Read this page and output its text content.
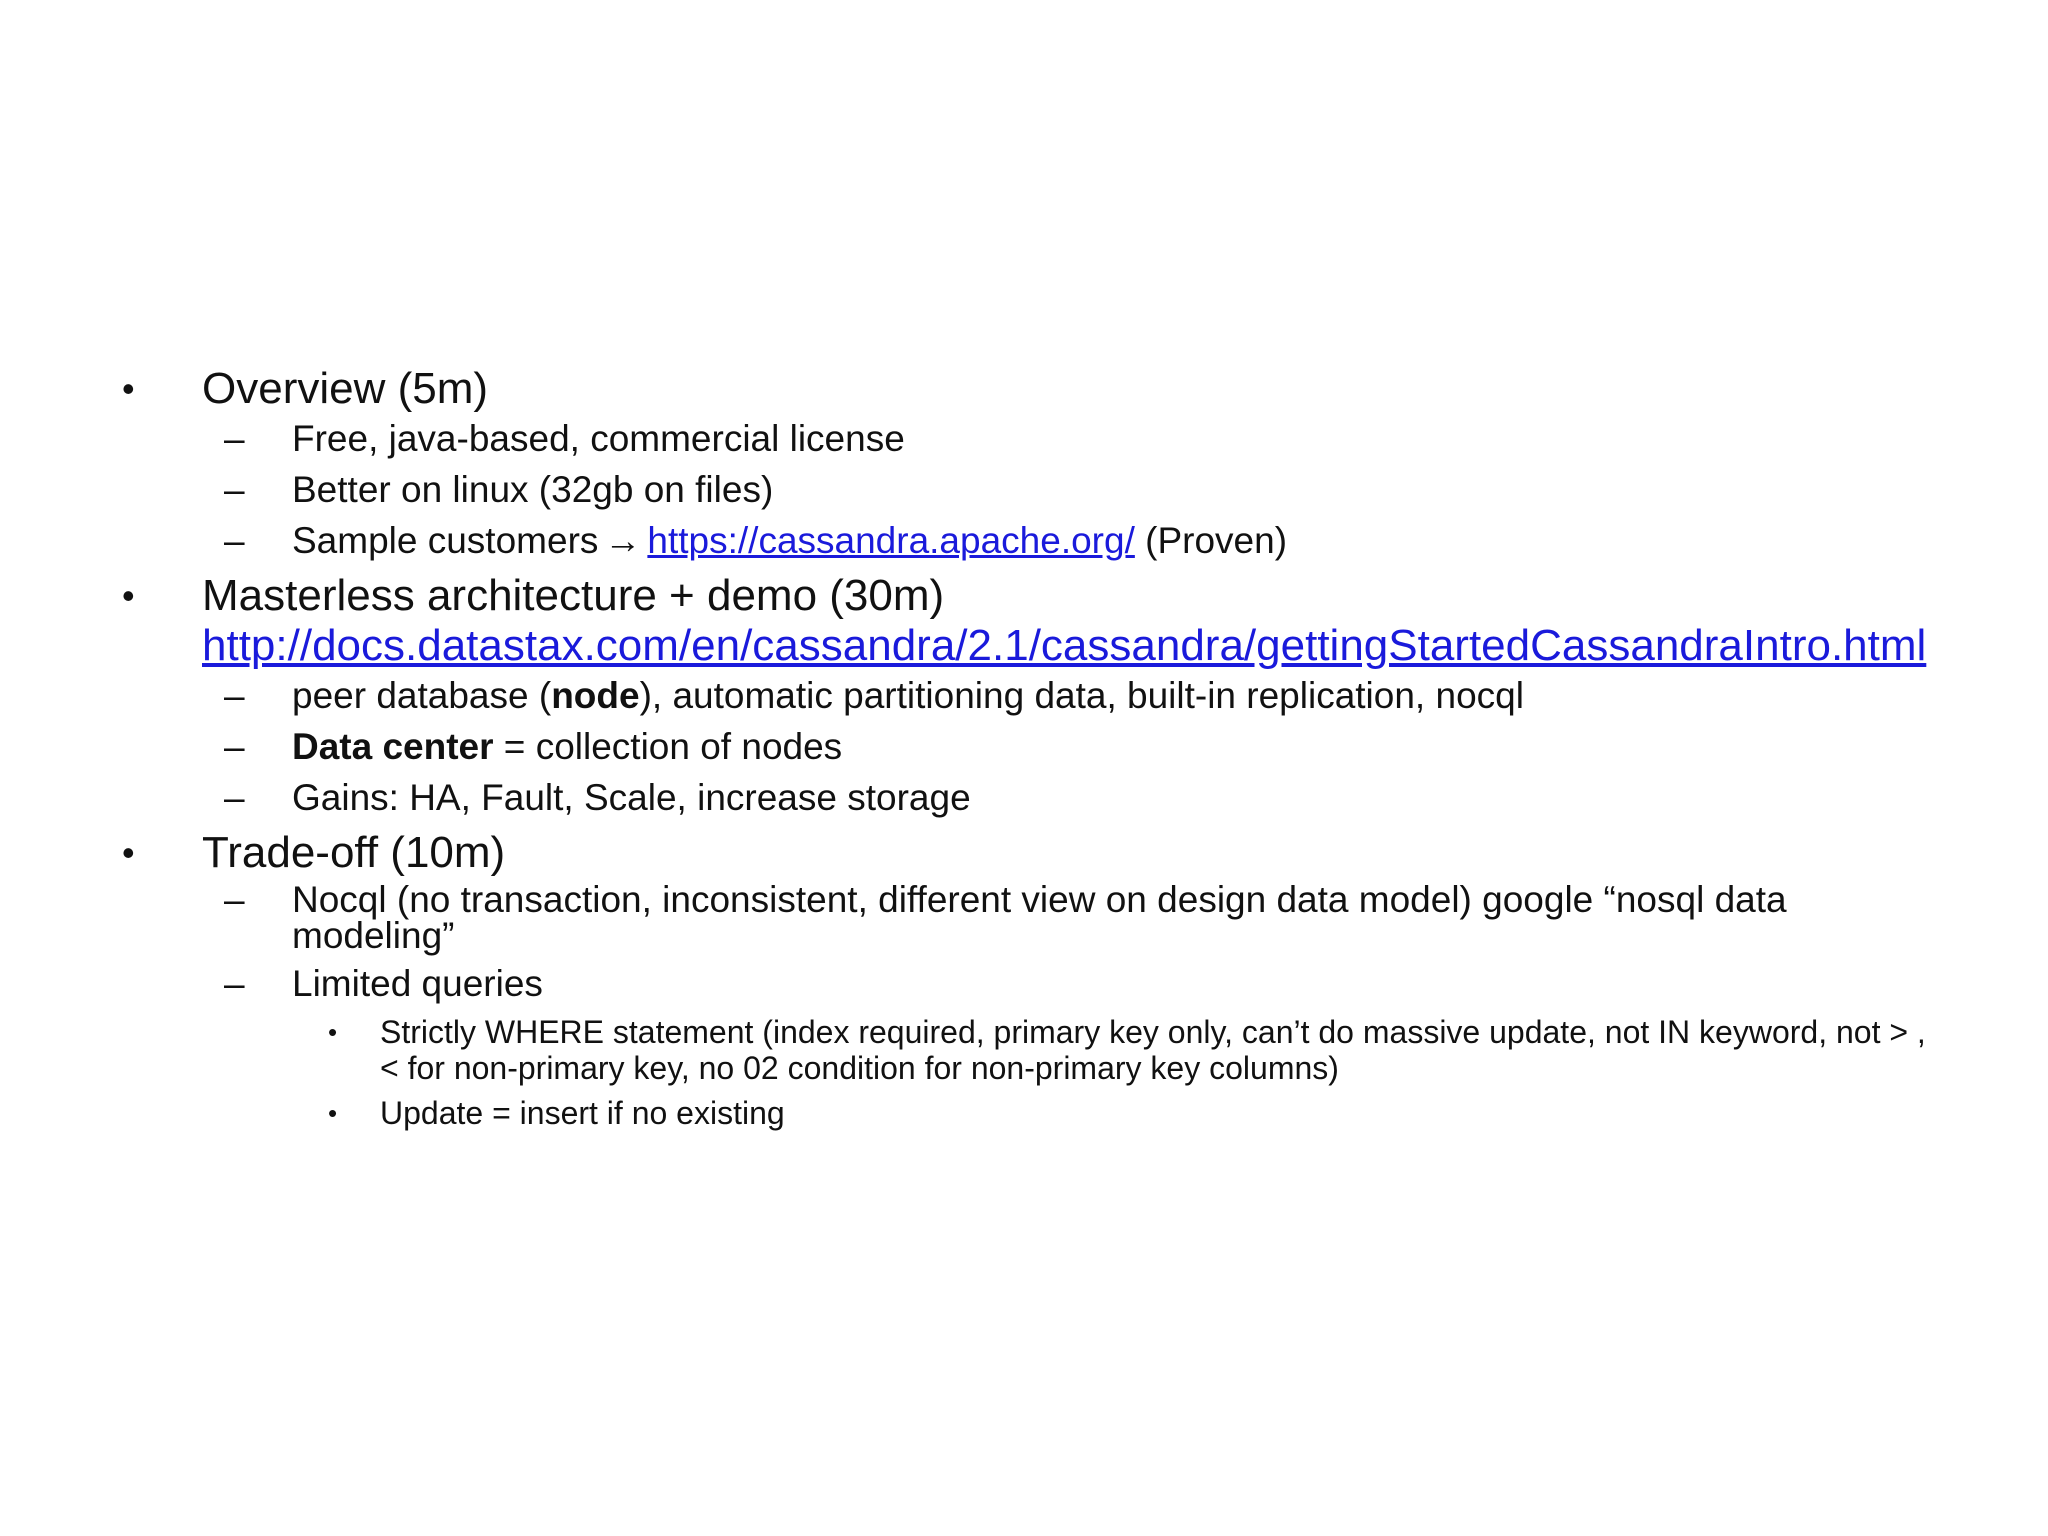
•	Overview (5m)
–	Free, java-based, commercial license
–	Better on linux (32gb on files)
–	Sample customers → https://cassandra.apache.org/ (Proven)
•	Masterless architecture + demo (30m)
http://docs.datastax.com/en/cassandra/2.1/cassandra/gettingStartedCassandraIntro.html
–	peer database (node), automatic partitioning data, built-in replication, nocql
–	Data center = collection of nodes
–	Gains: HA, Fault, Scale, increase storage
•	Trade-off (10m)
–	Nocql (no transaction, inconsistent, different view on design data model) google “nosql data modeling”
–	Limited queries
• Strictly WHERE statement (index required, primary key only, can’t do massive update, not IN keyword, not > , < for non-primary key, no 02 condition for non-primary key columns)
• Update = insert if no existing
